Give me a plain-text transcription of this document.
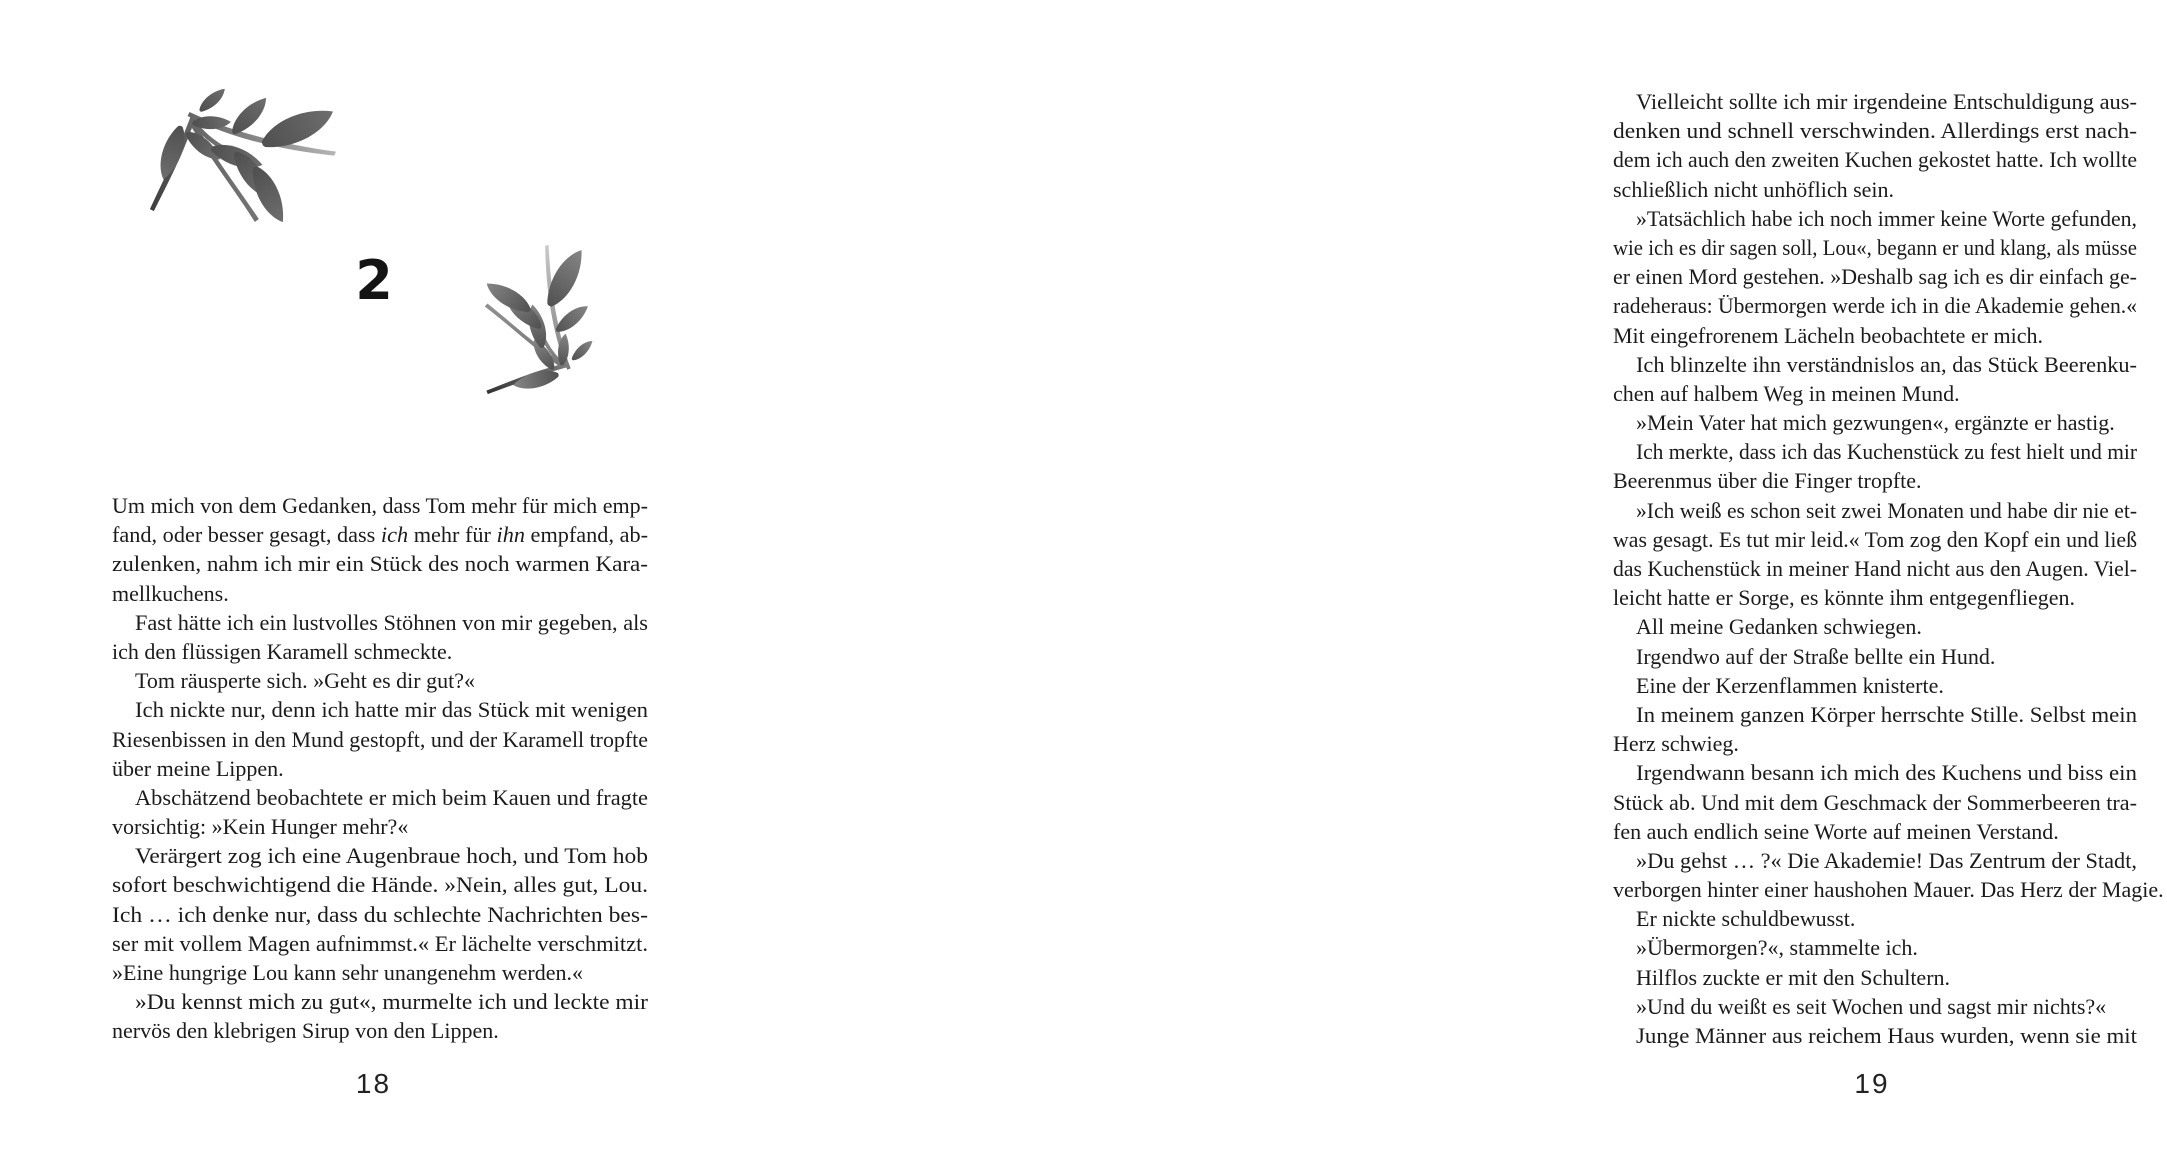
2
Um mich von dem Gedanken, dass Tom mehr für mich emp-
fand, oder besser gesagt, dass ich mehr für ihn empfand, ab-
zulenken, nahm ich mir ein Stück des noch warmen Kara-
mellkuchens.
Fast hätte ich ein lustvolles Stöhnen von mir gegeben, als
ich den flüssigen Karamell schmeckte.
Tom räusperte sich. »Geht es dir gut?«
Ich nickte nur, denn ich hatte mir das Stück mit wenigen
Riesenbissen in den Mund gestopft, und der Karamell tropfte
über meine Lippen.
Abschätzend beobachtete er mich beim Kauen und fragte
vorsichtig: »Kein Hunger mehr?«
Verärgert zog ich eine Augenbraue hoch, und Tom hob
sofort beschwichtigend die Hände. »Nein, alles gut, Lou.
Ich … ich denke nur, dass du schlechte Nachrichten bes-
ser mit vollem Magen aufnimmst.« Er lächelte verschmitzt.
»Eine hungrige Lou kann sehr unangenehm werden.«
»Du kennst mich zu gut«, murmelte ich und leckte mir
nervös den klebrigen Sirup von den Lippen.
18
Vielleicht sollte ich mir irgendeine Entschuldigung aus-
denken und schnell verschwinden. Allerdings erst nach-
dem ich auch den zweiten Kuchen gekostet hatte. Ich wollte
schließlich nicht unhöflich sein.
»Tatsächlich habe ich noch immer keine Worte gefunden,
wie ich es dir sagen soll, Lou«, begann er und klang, als müsse
er einen Mord gestehen. »Deshalb sag ich es dir einfach ge-
radeheraus: Übermorgen werde ich in die Akademie gehen.«
Mit eingefrorenem Lächeln beobachtete er mich.
Ich blinzelte ihn verständnislos an, das Stück Beerenku-
chen auf halbem Weg in meinen Mund.
»Mein Vater hat mich gezwungen«, ergänzte er hastig.
Ich merkte, dass ich das Kuchenstück zu fest hielt und mir
Beerenmus über die Finger tropfte.
»Ich weiß es schon seit zwei Monaten und habe dir nie et-
was gesagt. Es tut mir leid.« Tom zog den Kopf ein und ließ
das Kuchenstück in meiner Hand nicht aus den Augen. Viel-
leicht hatte er Sorge, es könnte ihm entgegenfliegen.
All meine Gedanken schwiegen.
Irgendwo auf der Straße bellte ein Hund.
Eine der Kerzenflammen knisterte.
In meinem ganzen Körper herrschte Stille. Selbst mein
Herz schwieg.
Irgendwann besann ich mich des Kuchens und biss ein
Stück ab. Und mit dem Geschmack der Sommerbeeren tra-
fen auch endlich seine Worte auf meinen Verstand.
»Du gehst … ?« Die Akademie! Das Zentrum der Stadt,
verborgen hinter einer haushohen Mauer. Das Herz der Magie.
Er nickte schuldbewusst.
»Übermorgen?«, stammelte ich.
Hilflos zuckte er mit den Schultern.
»Und du weißt es seit Wochen und sagst mir nichts?«
Junge Männer aus reichem Haus wurden, wenn sie mit
19
